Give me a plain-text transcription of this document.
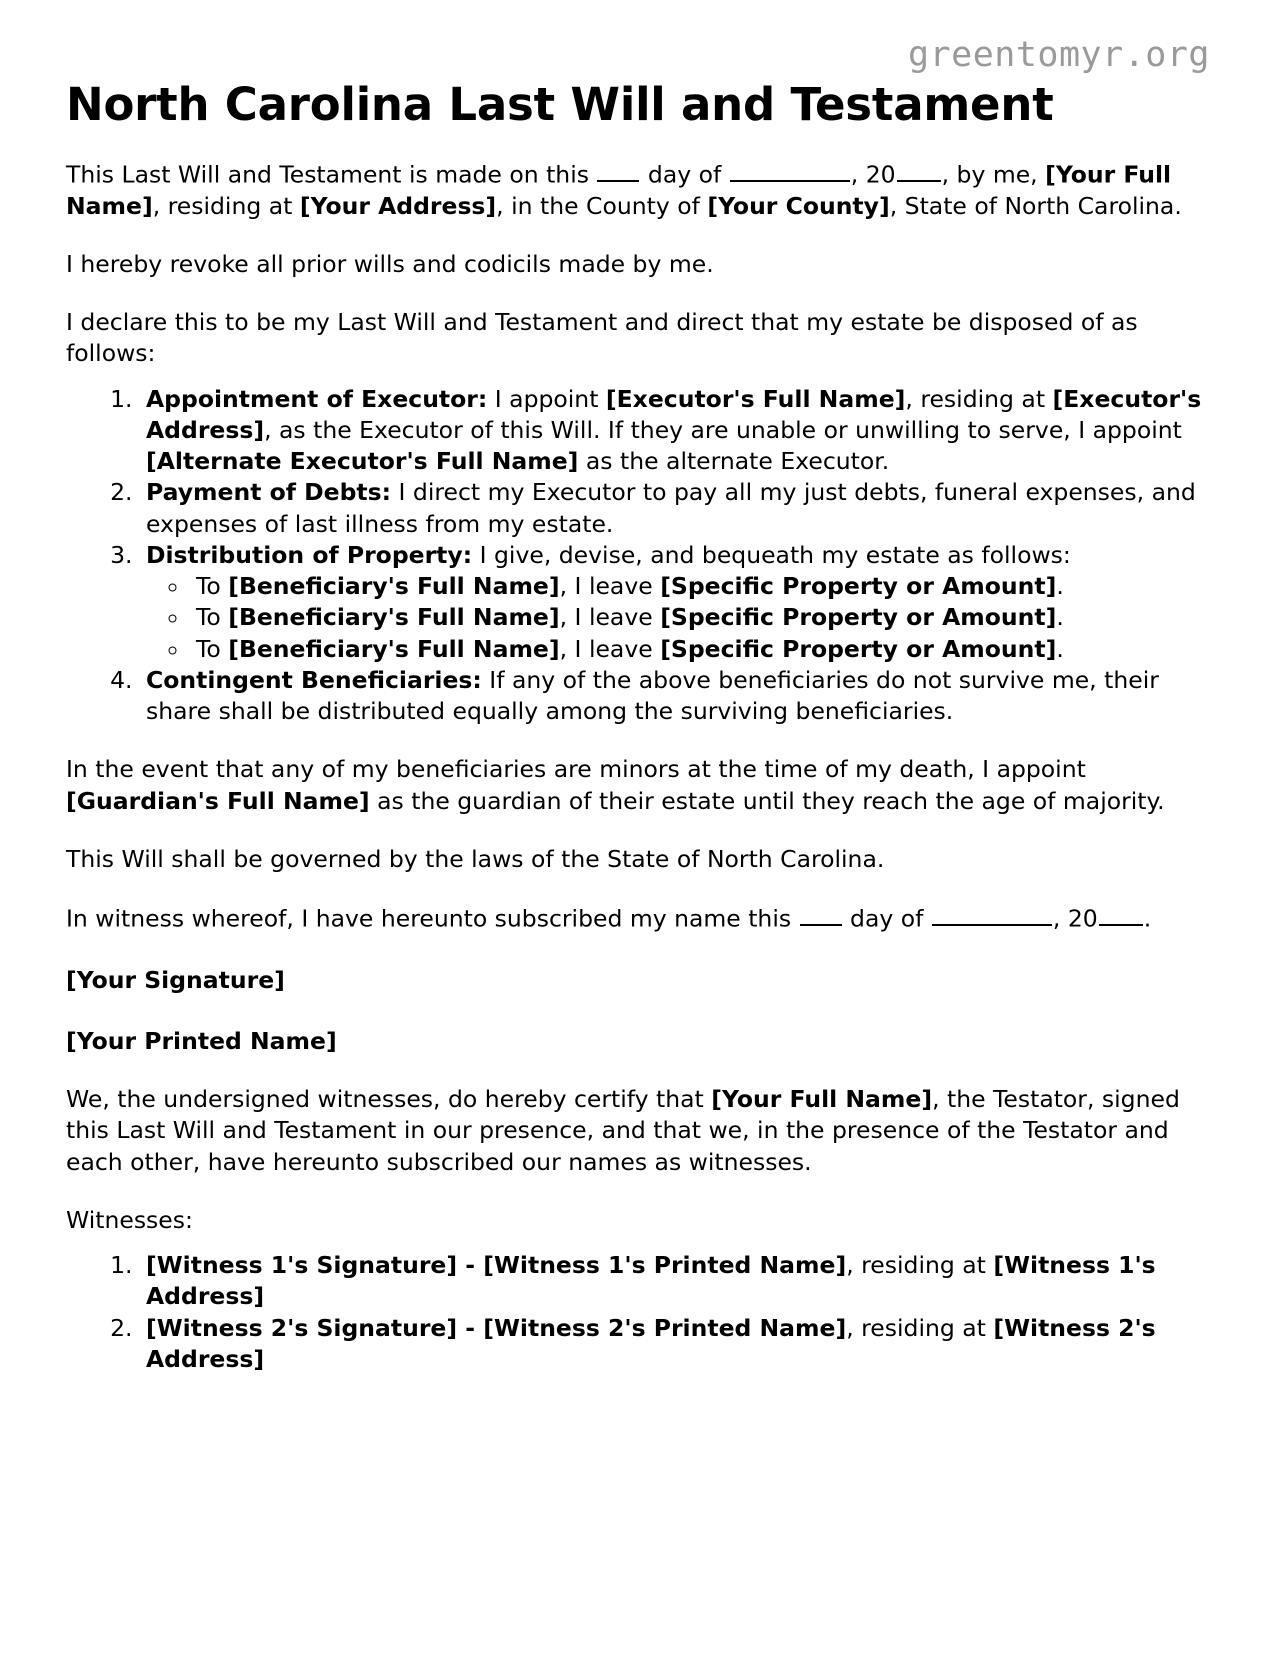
greentomyr.org
North Carolina Last Will and Testament

This Last Will and Testament is made on this  day of	, 20 , by me, [Your Full Name], residing at [Your Address], in the County of [Your County], State of North Carolina.

I hereby revoke all prior wills and codicils made by me.

I declare this to be my Last Will and Testament and direct that my estate be disposed of as follows:

1. Appointment of Executor: I appoint [Executor's Full Name], residing at [Executor's Address], as the Executor of this Will. If they are unable or unwilling to serve, I appoint [Alternate Executor's Full Name] as the alternate Executor.
2. Payment of Debts: I direct my Executor to pay all my just debts, funeral expenses, and expenses of last illness from my estate.
3. Distribution of Property: I give, devise, and bequeath my estate as follows:
◦ To [Beneficiary's Full Name], I leave [Specific Property or Amount].
◦ To [Beneficiary's Full Name], I leave [Specific Property or Amount].
◦ To [Beneficiary's Full Name], I leave [Specific Property or Amount].
4. Contingent Beneficiaries: If any of the above beneficiaries do not survive me, their share shall be distributed equally among the surviving beneficiaries.

In the event that any of my beneficiaries are minors at the time of my death, I appoint [Guardian's Full Name] as the guardian of their estate until they reach the age of majority.

This Will shall be governed by the laws of the State of North Carolina.

In witness whereof, I have hereunto subscribed my name this  day of	, 20 .

[Your Signature]

[Your Printed Name]

We, the undersigned witnesses, do hereby certify that [Your Full Name], the Testator, signed this Last Will and Testament in our presence, and that we, in the presence of the Testator and each other, have hereunto subscribed our names as witnesses.

Witnesses:

1. [Witness 1's Signature] - [Witness 1's Printed Name], residing at [Witness 1's Address]
2. [Witness 2's Signature] - [Witness 2's Printed Name], residing at [Witness 2's Address]
